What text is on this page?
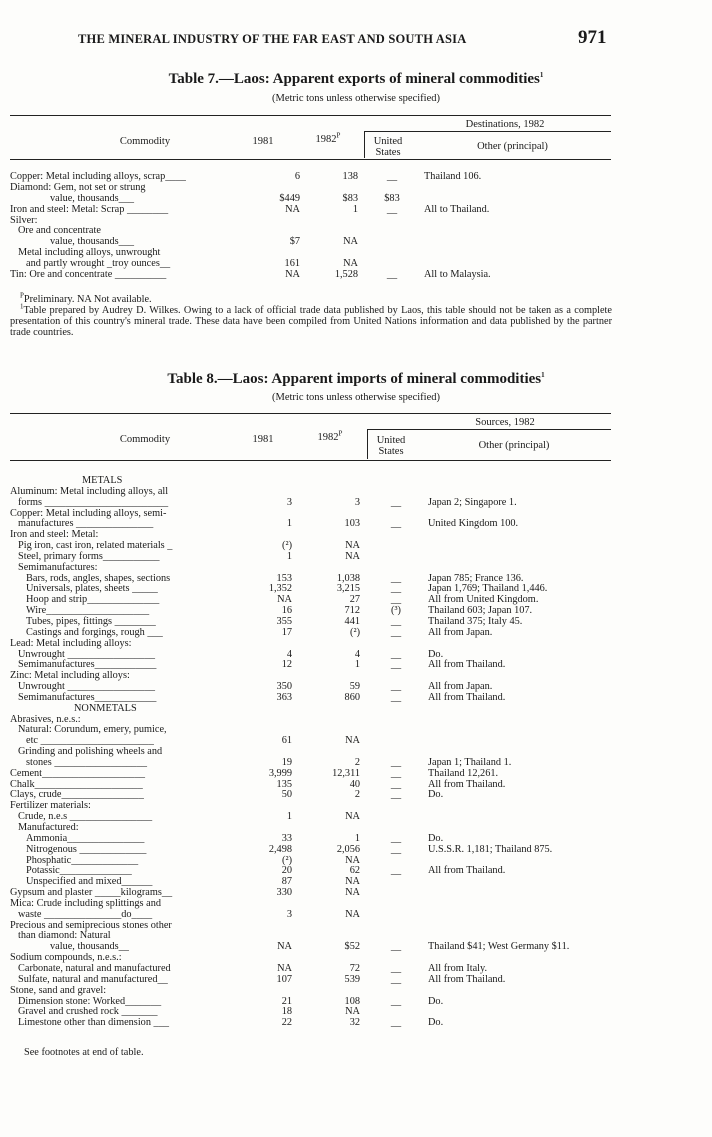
THE MINERAL INDUSTRY OF THE FAR EAST AND SOUTH ASIA	971
Table 7.—Laos: Apparent exports of mineral commodities$^1$
(Metric tons unless otherwise specified)
Commodity	1981	$1982^P$
Destinations, 1982
United States
Other (principal)
Copper: Metal including alloys, scrap____	6	138	__	Thailand 106.
Diamond: Gem, not set or strung
value, thousands___	$449	$83	$83
Iron and steel: Metal: Scrap ________	NA	1	__	All to Thailand.
Silver:
Ore and concentrate
value, thousands___	$7	NA
Metal including alloys, unwrought
and partly wrought _troy ounces__	161	NA
Tin: Ore and concentrate __________	NA	1,528	__	All to Malaysia.
$^P$Preliminary. NA Not available.
$^1$Table prepared by Audrey D. Wilkes. Owing to a lack of official trade data published by Laos, this table should not be taken as a complete presentation of this country's mineral trade. These data have been compiled from United Nations information and data published by the partner trade countries.
Table 8.—Laos: Apparent imports of mineral commodities$^1$
(Metric tons unless otherwise specified)
Commodity	1981	$1982^P$
Sources, 1982
United States
Other (principal)
METALS
Aluminum: Metal including alloys, all
forms ________________________	3	3	__	Japan 2; Singapore 1.
Copper: Metal including alloys, semi-
manufactures _______________	1	103	__	United Kingdom 100.
Iron and steel: Metal:
Pig iron, cast iron, related materials _	(²)	NA
Steel, primary forms___________	1	NA
Semimanufactures:
Bars, rods, angles, shapes, sections	153	1,038	__	Japan 785; France 136.
Universals, plates, sheets _____	1,352	3,215	__	Japan 1,769; Thailand 1,446.
Hoop and strip______________	NA	27	__	All from United Kingdom.
Wire____________________	16	712	(³)	Thailand 603; Japan 107.
Tubes, pipes, fittings ________	355	441	__	Thailand 375; Italy 45.
Castings and forgings, rough ___	17	(²)	__	All from Japan.
Lead: Metal including alloys:
Unwrought _________________	4	4	__	Do.
Semimanufactures____________	12	1	__	All from Thailand.
Zinc: Metal including alloys:
Unwrought _________________	350	59	__	All from Japan.
Semimanufactures____________	363	860	__	All from Thailand.
NONMETALS
Abrasives, n.e.s.:
Natural: Corundum, emery, pumice,
etc ______________________	61	NA
Grinding and polishing wheels and
stones __________________	19	2	__	Japan 1; Thailand 1.
Cement____________________	3,999	12,311	__	Thailand 12,261.
Chalk_____________________	135	40	__	All from Thailand.
Clays, crude________________	50	2	__	Do.
Fertilizer materials:
Crude, n.e.s ________________	1	NA
Manufactured:
Ammonia_______________	33	1	__	Do.
Nitrogenous _____________	2,498	2,056	__	U.S.S.R. 1,181; Thailand 875.
Phosphatic_____________	(²)	NA
Potassic______________	20	62	__	All from Thailand.
Unspecified and mixed______	87	NA
Gypsum and plaster _____kilograms__	330	NA
Mica: Crude including splittings and
waste _______________do____	3	NA
Precious and semiprecious stones other
than diamond: Natural
value, thousands__	NA	$52	__	Thailand $41; West Germany $11.
Sodium compounds, n.e.s.:
Carbonate, natural and manufactured	NA	72	__	All from Italy.
Sulfate, natural and manufactured__	107	539	__	All from Thailand.
Stone, sand and gravel:
Dimension stone: Worked_______	21	108	__	Do.
Gravel and crushed rock _______	18	NA
Limestone other than dimension ___	22	32	__	Do.
See footnotes at end of table.
